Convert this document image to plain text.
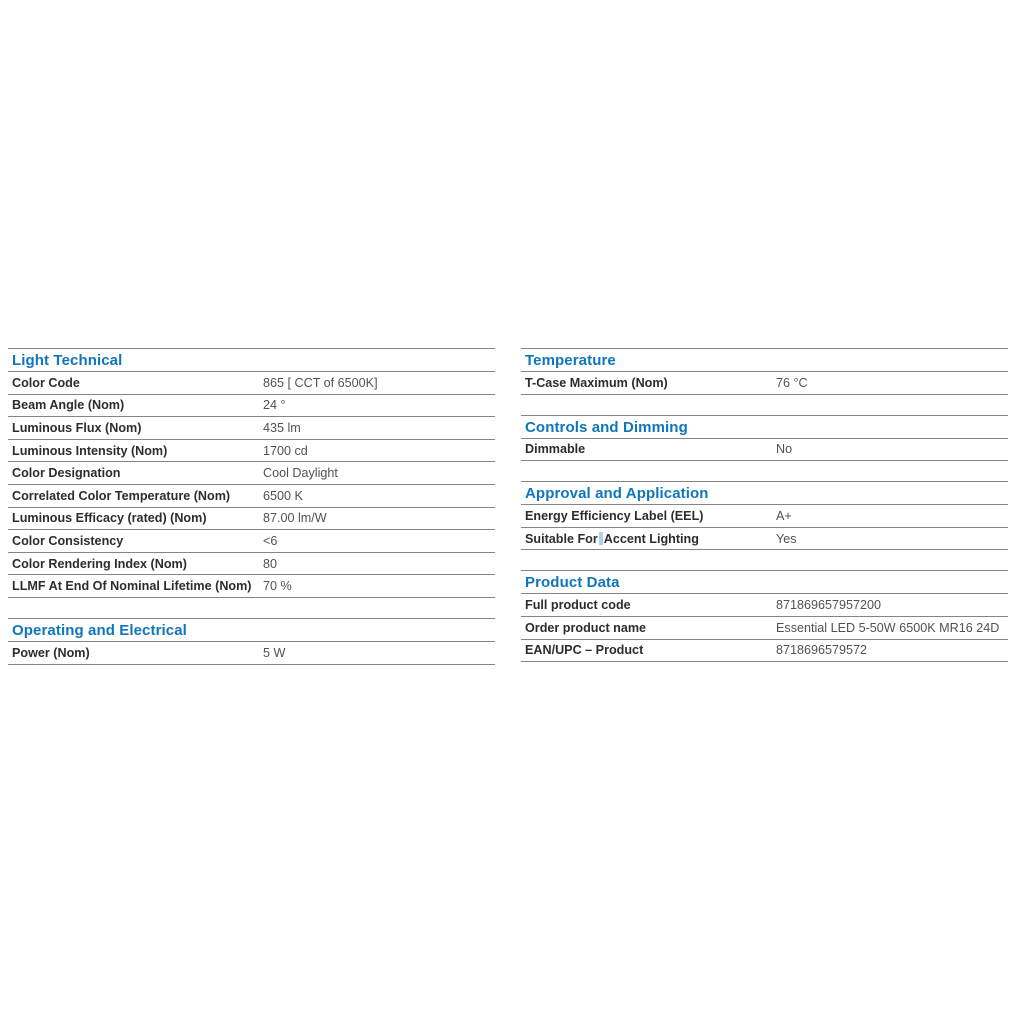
Light Technical
Color Code	865 [ CCT of 6500K]
Beam Angle (Nom)	24 °
Luminous Flux (Nom)	435 lm
Luminous Intensity (Nom)	1700 cd
Color Designation	Cool Daylight
Correlated Color Temperature (Nom)	6500 K
Luminous Efficacy (rated) (Nom)	87.00 lm/W
Color Consistency	<6
Color Rendering Index (Nom)	80
LLMF At End Of Nominal Lifetime (Nom) 70 %
Operating and Electrical
Power (Nom)	5 W
Temperature
T-Case Maximum (Nom)	76 °C
Controls and Dimming
Dimmable	No
Approval and Application
Energy Efficiency Label (EEL)	A+
Suitable For Accent Lighting	Yes
Product Data
Full product code	871869657957200
Order product name	Essential LED 5-50W 6500K MR16 24D
EAN/UPC – Product	8718696579572
